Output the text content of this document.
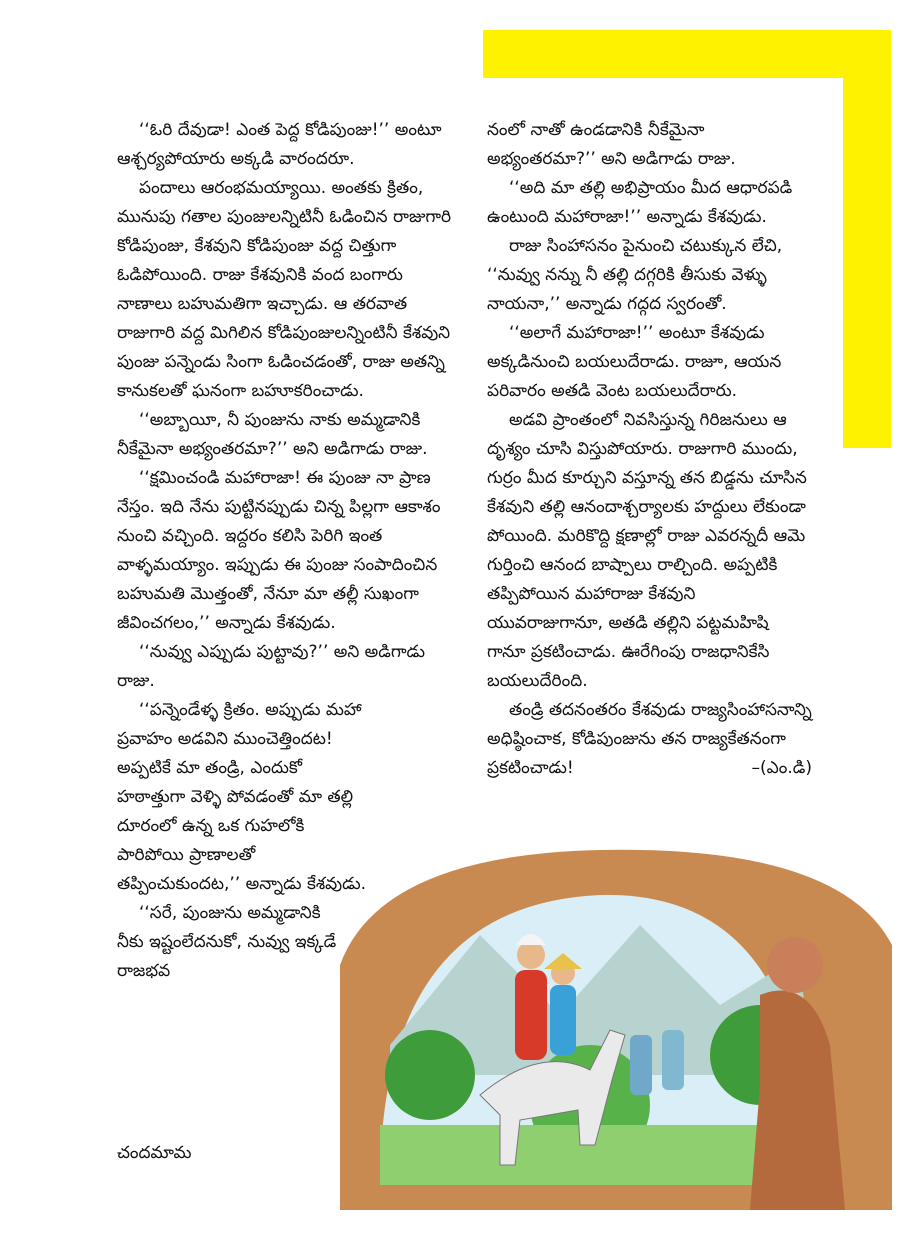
‘‘ఓరి దేవుడా! ఎంత పెద్ద కోడిపుంజు!’’ అంటూ ఆశ్చర్యపోయారు అక్కడి వారందరూ.

పందాలు ఆరంభమయ్యాయి. అంతకు క్రితం, మునుపు గతాల పుంజులన్నిటినీ ఓడించిన రాజుగారి కోడిపుంజు, కేశవుని కోడిపుంజు వద్ద చిత్తుగా ఓడిపోయింది. రాజు కేశవునికి వంద బంగారు నాణాలు బహుమతిగా ఇచ్చాడు. ఆ తరవాత రాజుగారి వద్ద మిగిలిన కోడిపుంజులన్నింటినీ కేశవుని పుంజు పన్నెండు సింగా ఓడించడంతో, రాజు అతన్ని కానుకలతో ఘనంగా బహూకరించాడు.

‘‘అబ్బాయీ, నీ పుంజును నాకు అమ్మడానికి నీకేమైనా అభ్యంతరమా?’’ అని అడిగాడు రాజు.

‘‘క్షమించండి మహారాజా! ఈ పుంజు నా ప్రాణ నేస్తం. ఇది నేను పుట్టినప్పుడు చిన్న పిల్లగా ఆకాశం నుంచి వచ్చింది. ఇద్దరం కలిసి పెరిగి ఇంత వాళ్ళమయ్యాం. ఇప్పుడు ఈ పుంజు సంపాదించిన బహుమతి మొత్తంతో, నేనూ మా తల్లీ సుఖంగా జీవించగలం,’’ అన్నాడు కేశవుడు.

‘‘నువ్వు ఎప్పుడు పుట్టావు?’’ అని అడిగాడు రాజు.

‘‘పన్నెండేళ్ళ క్రితం. అప్పుడు మహా ప్రవాహం అడవిని ముంచెత్తిందట! అప్పటికే మా తండ్రి, ఎందుకో హఠాత్తుగా వెళ్ళి పోవడంతో మా తల్లి దూరంలో ఉన్న ఒక గుహలోకి పారిపోయి ప్రాణాలతో తప్పించుకుందట,’’ అన్నాడు కేశవుడు.

‘‘సరే, పుంజును అమ్మడానికి నీకు ఇష్టంలేదనుకో, నువ్వు ఇక్కడే రాజభవ

నంలో నాతో ఉండడానికి నీకేమైనా అభ్యంతరమా?’’ అని అడిగాడు రాజు.

‘‘అది మా తల్లి అభిప్రాయం మీద ఆధారపడి ఉంటుంది మహారాజా!’’ అన్నాడు కేశవుడు.

రాజు సింహాసనం పైనుంచి చటుక్కున లేచి, ‘‘నువ్వు నన్ను నీ తల్లి దగ్గరికి తీసుకు వెళ్ళు నాయనా,’’ అన్నాడు గద్గద స్వరంతో.

‘‘అలాగే మహారాజా!’’ అంటూ కేశవుడు అక్కడినుంచి బయలుదేరాడు. రాజూ, ఆయన పరివారం అతడి వెంట బయలుదేరారు.

అడవి ప్రాంతంలో నివసిస్తున్న గిరిజనులు ఆ దృశ్యం చూసి విస్తుపోయారు. రాజుగారి ముందు, గుర్రం మీద కూర్చుని వస్తూన్న తన బిడ్డను చూసిన కేశవుని తల్లి ఆనందాశ్చర్యాలకు హద్దులు లేకుండా పోయింది. మరికొద్ది క్షణాల్లో రాజు ఎవరన్నదీ ఆమె గుర్తించి ఆనంద బాష్పాలు రాల్చింది. అప్పటికి తప్పిపోయిన మహారాజు కేశవుని యువరాజుగానూ, అతడి తల్లిని పట్టమహిషి గానూ ప్రకటించాడు. ఊరేగింపు రాజధానికేసి బయలుదేరింది.

తండ్రి తదనంతరం కేశవుడు రాజ్యసింహాసనాన్ని అధిష్ఠించాక, కోడిపుంజును తన రాజ్యకేతనంగా ప్రకటించాడు!	–(ఎం.డి)

చందమామ
